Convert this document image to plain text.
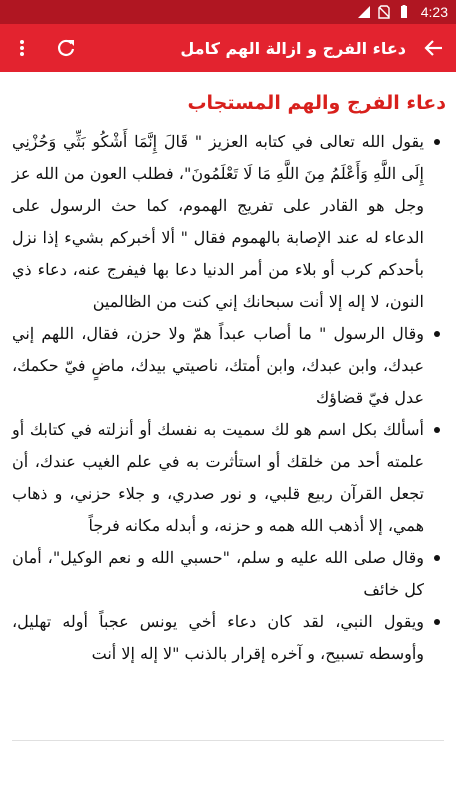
4:23
دعاء الفرج و ازالة الهم كامل
دعاء الفرج والهم المستجاب
يقول الله تعالى في كتابه العزيز " قَالَ إِنَّمَا أَشْكُو بَثِّي وَحُزْنِي إِلَى اللَّهِ وَأَعْلَمُ مِنَ اللَّهِ مَا لَا تَعْلَمُونَ"، فطلب العون من الله عز وجل هو القادر على تفريج الهموم، كما حث الرسول على الدعاء له عند الإصابة بالهموم فقال " ألا أخبركم بشيء إذا نزل بأحدكم كرب أو بلاء من أمر الدنيا دعا بها فيفرج عنه، دعاء ذي النون، لا إله إلا أنت سبحانك إني كنت من الظالمين
وقال الرسول " ما أصاب عبداً همّ ولا حزن، فقال، اللهم إني عبدك، وابن عبدك، وابن أمتك، ناصيتي بيدك، ماضٍ فيّ حكمك، عدل فيّ قضاؤك
أسألك بكل اسم هو لك سميت به نفسك أو أنزلته في كتابك أو علمته أحد من خلقك أو استأثرت به في علم الغيب عندك، أن تجعل القرآن ربيع قلبي، و نور صدري، و جلاء حزني، و ذهاب همي، إلا أذهب الله همه و حزنه، و أبدله مكانه فرجاً
وقال صلى الله عليه و سلم، "حسبي الله و نعم الوكيل"، أمان كل خائف
ويقول النبي، لقد كان دعاء أخي يونس عجباً أوله تهليل، وأوسطه تسبيح، و آخره إقرار بالذنب "لا إله إلا أنت
